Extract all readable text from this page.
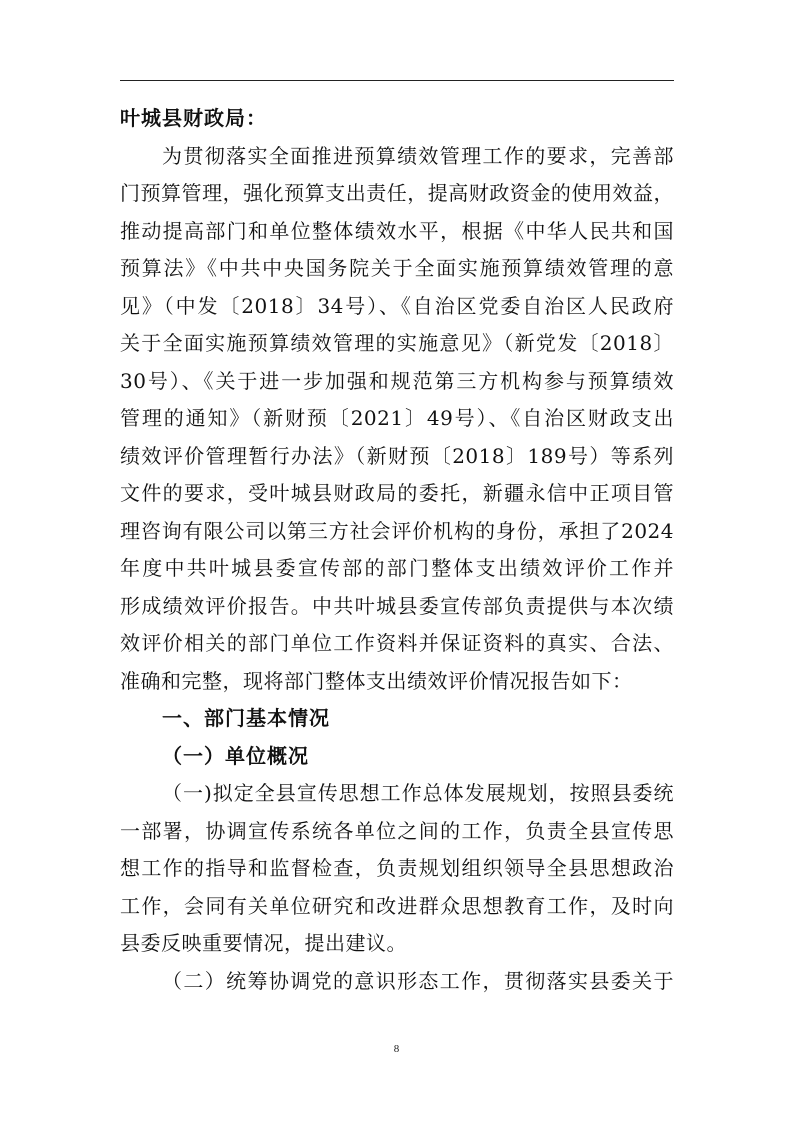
叶城县财政局：

为贯彻落实全面推进预算绩效管理工作的要求，完善部

门预算管理，强化预算支出责任，提高财政资金的使用效益，

推动提高部门和单位整体绩效水平，根据《中华人民共和国

预算法》《中共中央国务院关于全面实施预算绩效管理的意

见》（中发〔2018〕34号）、《自治区党委自治区人民政府

关于全面实施预算绩效管理的实施意见》（新党发〔2018〕

30号）、《关于进一步加强和规范第三方机构参与预算绩效

管理的通知》（新财预〔2021〕49号）、《自治区财政支出

绩效评价管理暂行办法》（新财预〔2018〕189号）等系列

文件的要求，受叶城县财政局的委托，新疆永信中正项目管

理咨询有限公司以第三方社会评价机构的身份，承担了2024

年度中共叶城县委宣传部的部门整体支出绩效评价工作并

形成绩效评价报告。中共叶城县委宣传部负责提供与本次绩

效评价相关的部门单位工作资料并保证资料的真实、合法、

准确和完整，现将部门整体支出绩效评价情况报告如下：

一、部门基本情况

（一）单位概况

（一)拟定全县宣传思想工作总体发展规划，按照县委统

一部署，协调宣传系统各单位之间的工作，负责全县宣传思

想工作的指导和监督检查，负责规划组织领导全县思想政治

工作，会同有关单位研究和改进群众思想教育工作，及时向

县委反映重要情况，提出建议。

（二）统筹协调党的意识形态工作，贯彻落实县委关于

8
